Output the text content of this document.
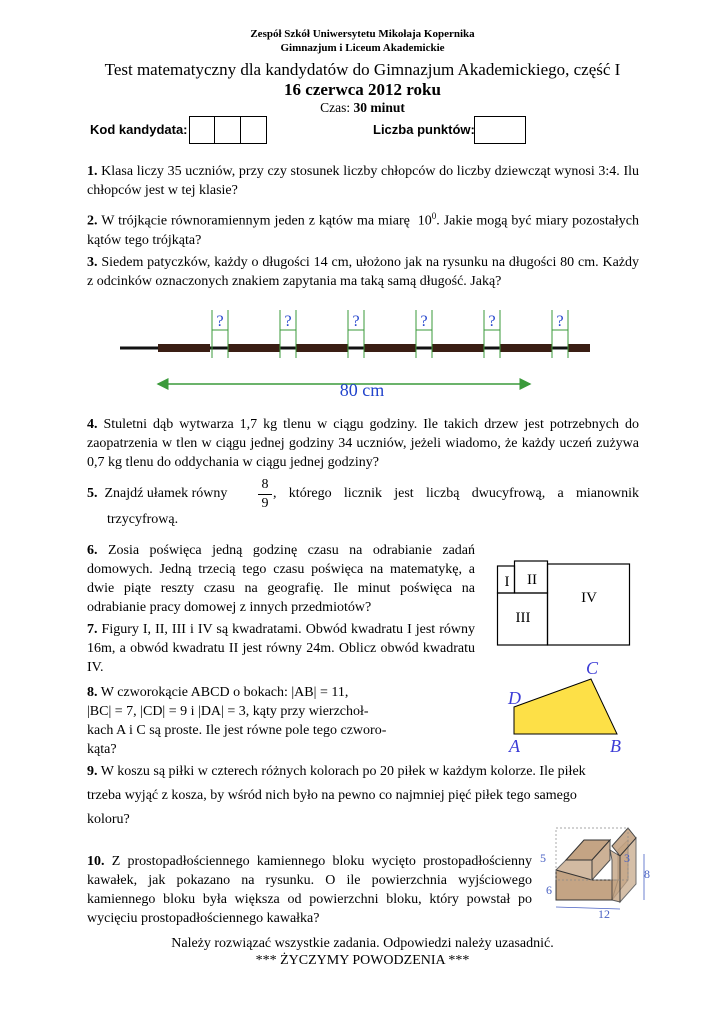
Zespół Szkół Uniwersytetu Mikołaja Kopernika
Gimnazjum i Liceum Akademickie
Test matematyczny dla kandydatów do Gimnazjum Akademickiego, część I
16 czerwca 2012 roku
Czas: 30 minut
Kod kandydata:	Liczba punktów:
1. Klasa liczy 35 uczniów, przy czy stosunek liczby chłopców do liczby dziewcząt wynosi 3:4. Ilu chłopców jest w tej klasie?
2. W trójkącie równoramiennym jeden z kątów ma miarę $10^0$. Jakie mogą być miary pozostałych kątów tego trójkąta?
3. Siedem patyczków, każdy o długości 14 cm, ułożono jak na rysunku na długości 80 cm. Każdy z odcinków oznaczonych znakiem zapytania ma taką samą długość. Jaką?
?	?	?	?	?	?
80 cm
4. Stuletni dąb wytwarza 1,7 kg tlenu w ciągu godziny. Ile takich drzew jest potrzebnych do zaopatrzenia w tlen w ciągu jednej godziny 34 uczniów, jeżeli wiadomo, że każdy uczeń zużywa 0,7 kg tlenu do oddychania w ciągu jednej godziny?
5. Znajdź ułamek równy $\frac{8}{9}$ , którego licznik jest liczbą dwucyfrową, a mianownik
trzycyfrową.
6. Zosia poświęca jedną godzinę czasu na odrabianie zadań domowych. Jedną trzecią tego czasu poświęca na matematykę, a dwie piąte reszty czasu na geografię. Ile minut poświęca na odrabianie pracy domowej z innych przedmiotów?
7. Figury I, II, III i IV są kwadratami. Obwód kwadratu I jest równy 16m, a obwód kwadratu II jest równy 24m. Oblicz obwód kwadratu IV.
I II
III
IV
8. W czworokącie ABCD o bokach: |AB| = 11,
|BC| = 7, |CD| = 9 i |DA| = 3, kąty przy wierzchoł-
kach A i C są proste. Ile jest równe pole tego czworo-
kąta?	A	B
C
D
9. W koszu są piłki w czterech różnych kolorach po 20 piłek w każdym kolorze. Ile piłek
trzeba wyjąć z kosza, by wśród nich było na pewno co najmniej pięć piłek tego samego
koloru?
10. Z prostopadłościennego kamiennego bloku wycięto prostopadłościenny kawałek, jak pokazano na rysunku. O ile powierzchnia wyjściowego kamiennego bloku była większa od powierzchni bloku, który powstał po wycięciu prostopadłościennego kawałka?
5	3
6
8
12
Należy rozwiązać wszystkie zadania. Odpowiedzi należy uzasadnić.
*** ŻYCZYMY POWODZENIA ***
